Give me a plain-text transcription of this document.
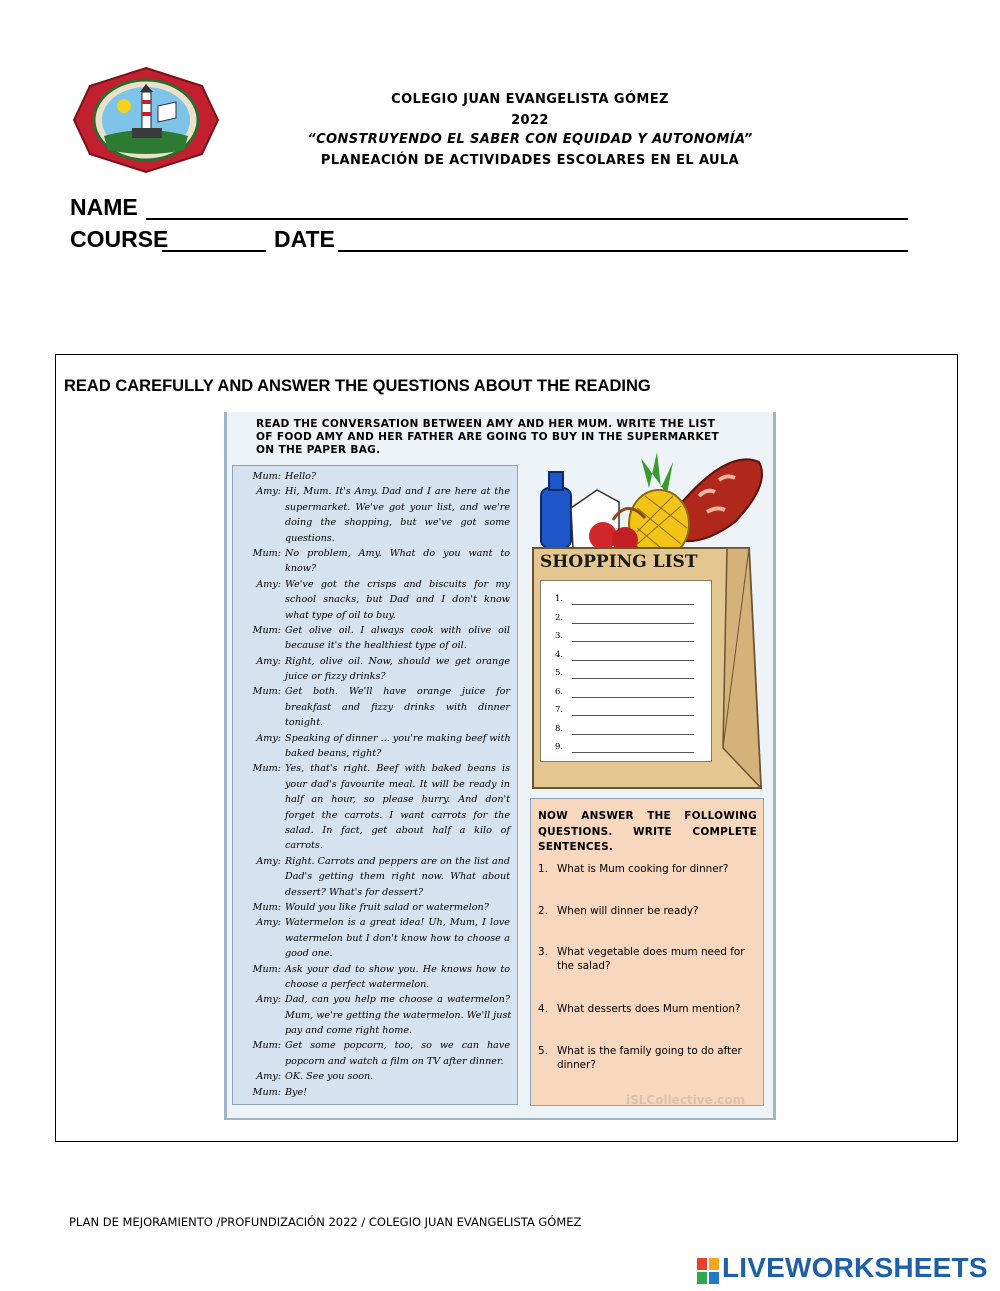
COLEGIO JUAN EVANGELISTA GÓMEZ
2022
“CONSTRUYENDO EL SABER CON EQUIDAD Y AUTONOMÍA”
PLANEACIÓN DE ACTIVIDADES ESCOLARES EN EL AULA
NAME
COURSE	DATE
READ CAREFULLY AND ANSWER THE QUESTIONS ABOUT THE READING
READ THE CONVERSATION BETWEEN AMY AND HER MUM. WRITE THE LIST
OF FOOD AMY AND HER FATHER ARE GOING TO BUY IN THE SUPERMARKET
ON THE PAPER BAG.
Mum: Hello?
Amy: Hi, Mum. It's Amy. Dad and I are here at the
supermarket. We've got your list, and we're
doing the shopping, but we've got some
questions.
Mum: No problem, Amy. What do you want to
know?
Amy: We've got the crisps and biscuits for my
school snacks, but Dad and I don't know
what type of oil to buy.
Mum: Get olive oil. I always cook with olive oil
because it's the healthiest type of oil.
Amy: Right, olive oil. Now, should we get orange
juice or fizzy drinks?
Mum: Get both. We'll have orange juice for
breakfast and fizzy drinks with dinner
tonight.
Amy: Speaking of dinner ... you're making beef with
baked beans, right?
Mum: Yes, that's right. Beef with baked beans is
your dad's favourite meal. It will be ready in
half an hour, so please hurry. And don't
forget the carrots. I want carrots for the
salad. In fact, get about half a kilo of
carrots.
Amy: Right. Carrots and peppers are on the list and
Dad's getting them right now. What about
dessert? What's for dessert?
Mum: Would you like fruit salad or watermelon?
Amy: Watermelon is a great idea! Uh, Mum, I love
watermelon but I don't know how to choose a
good one.
Mum: Ask your dad to show you. He knows how to
choose a perfect watermelon.
Amy: Dad, can you help me choose a watermelon?
Mum, we're getting the watermelon. We'll just
pay and come right home.
Mum: Get some popcorn, too, so we can have
popcorn and watch a film on TV after dinner.
Amy: OK. See you soon.
Mum: Bye!
SHOPPING LIST
1.
2.
3.
4.
5.
6.
7.
8.
9.
NOW ANSWER THE FOLLOWING
QUESTIONS. WRITE COMPLETE
SENTENCES.
1. What is Mum cooking for dinner?
2. When will dinner be ready?
3. What vegetable does mum need for the salad?
4. What desserts does Mum mention?
5. What is the family going to do after dinner?
iSLCollective.com
PLAN DE MEJORAMIENTO /PROFUNDIZACIÓN 2022 / COLEGIO JUAN EVANGELISTA GÓMEZ
LIVEWORKSHEETS
